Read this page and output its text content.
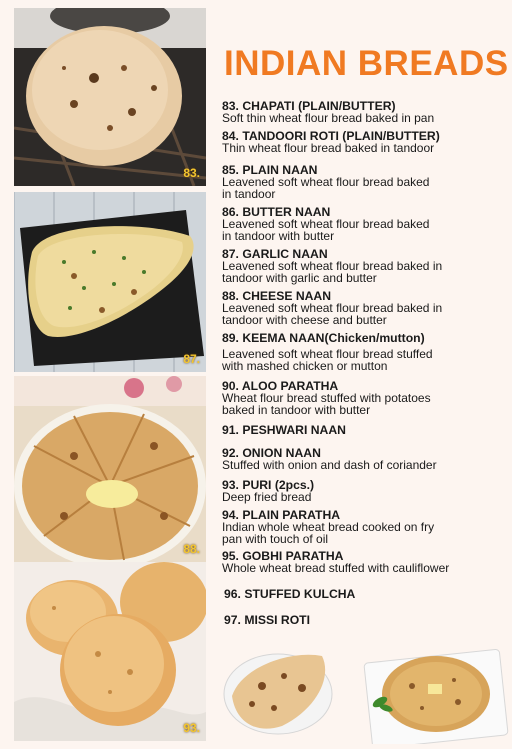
83.
87.
88.
93.
INDIAN BREADS
83. CHAPATI (PLAIN/BUTTER)
Soft thin wheat flour bread baked in pan
84. TANDOORI ROTI (PLAIN/BUTTER)
Thin wheat flour bread baked in tandoor
85. PLAIN NAAN
Leavened soft wheat flour bread baked
in tandoor
86. BUTTER NAAN
Leavened soft wheat flour bread baked
in tandoor with butter
87. GARLIC NAAN
Leavened soft wheat flour bread baked in
tandoor with garlic and butter
88. CHEESE NAAN
Leavened soft wheat flour bread baked in
tandoor with cheese and butter
89. KEEMA NAAN(Chicken/mutton)
Leavened soft wheat flour bread stuffed
with mashed chicken or mutton
90. ALOO PARATHA
Wheat flour bread stuffed with potatoes
baked in tandoor with butter
91. PESHWARI NAAN
92. ONION NAAN
Stuffed with onion and dash of coriander
93. PURI (2pcs.)
Deep fried bread
94. PLAIN PARATHA
Indian whole wheat bread cooked on fry
pan with touch of oil
95. GOBHI PARATHA
Whole wheat bread stuffed with cauliflower
96. STUFFED KULCHA
97. MISSI ROTI
